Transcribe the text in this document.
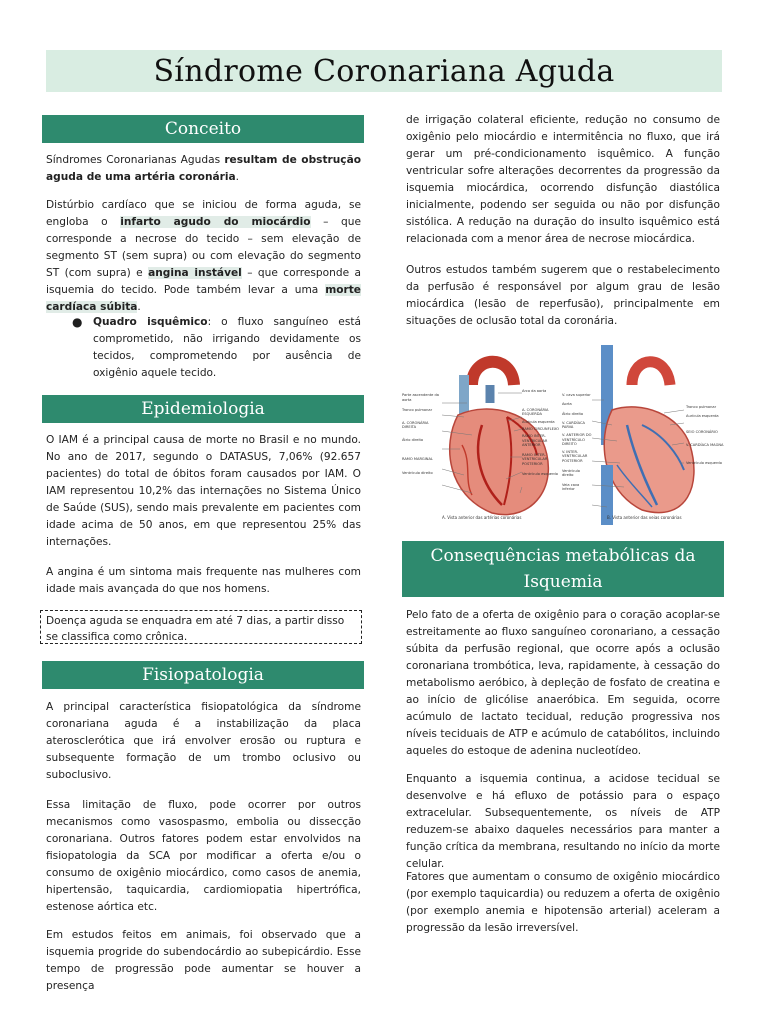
Síndrome Coronariana Aguda
Conceito

Síndromes Coronarianas Agudas resultam de obstrução aguda de uma artéria coronária.

Distúrbio cardíaco que se iniciou de forma aguda, se engloba o infarto agudo do miocárdio – que corresponde a necrose do tecido – sem elevação de segmento ST (sem supra) ou com elevação do segmento ST (com supra) e angina instável – que corresponde a isquemia do tecido. Pode também levar a uma morte cardíaca súbita.

● Quadro isquêmico: o fluxo sanguíneo está comprometido, não irrigando devidamente os tecidos, comprometendo por ausência de oxigênio aquele tecido.

Epidemiologia

O IAM é a principal causa de morte no Brasil e no mundo. No ano de 2017, segundo o DATASUS, 7,06% (92.657 pacientes) do total de óbitos foram causados por IAM. O IAM representou 10,2% das internações no Sistema Único de Saúde (SUS), sendo mais prevalente em pacientes com idade acima de 50 anos, em que representou 25% das internações.

A angina é um sintoma mais frequente nas mulheres com idade mais avançada do que nos homens.

Doença aguda se enquadra em até 7 dias, a partir disso se classifica como crônica.

Fisiopatologia

A principal característica fisiopatológica da síndrome coronariana aguda é a instabilização da placa aterosclerótica que irá envolver erosão ou ruptura e subsequente formação de um trombo oclusivo ou suboclusivo.

Essa limitação de fluxo, pode ocorrer por outros mecanismos como vasospasmo, embolia ou dissecção coronariana. Outros fatores podem estar envolvidos na fisiopatologia da SCA por modificar a oferta e/ou o consumo de oxigênio miocárdico, como casos de anemia, hipertensão, taquicardia, cardiomiopatia hipertrófica, estenose aórtica etc.

Em estudos feitos em animais, foi observado que a isquemia progride do subendocárdio ao subepicárdio. Esse tempo de progressão pode aumentar se houver a presença

de irrigação colateral eficiente, redução no consumo de oxigênio pelo miocárdio e intermitência no fluxo, que irá gerar um pré-condicionamento isquêmico. A função ventricular sofre alterações decorrentes da progressão da isquemia miocárdica, ocorrendo disfunção diastólica inicialmente, podendo ser seguida ou não por disfunção sistólica. A redução na duração do insulto isquêmico está relacionada com a menor área de necrose miocárdica.

Outros estudos também sugerem que o restabelecimento da perfusão é responsável por algum grau de lesão miocárdica (lesão de reperfusão), principalmente em situações de oclusão total da coronária.

Parte ascendente da aorta
Tronco pulmonar
A. CORONÁRIA DIREITA
Átrio direito
RAMO MARGINAL
Ventrículo direito
Arco da aorta
A. CORONÁRIA ESQUERDA
Aurícula esquerda
RAMO CIRCUNFLEXO
RAMO INTER-VENTRICULAR ANTERIOR
RAMO INTER-VENTRICULAR POSTERIOR
Ventrículo esquerdo
V. cava superior
Aorta
Átrio direito
V. CARDÍACA PARVA
V. ANTERIOR DO VENTRÍCULO DIREITO
V. INTER-VENTRICULAR POSTERIOR
Ventrículo direito
Veia cava inferior
Tronco pulmonar
Aurícula esquerda
SEIO CORONÁRIO
V. CARDÍACA MAGNA
Ventrículo esquerdo
A. Vista anterior das artérias coronárias	B. Vista anterior das veias coronárias
Consequências metabólicas da Isquemia

Pelo fato de a oferta de oxigênio para o coração acoplar-se estreitamente ao fluxo sanguíneo coronariano, a cessação súbita da perfusão regional, que ocorre após a oclusão coronariana trombótica, leva, rapidamente, à cessação do metabolismo aeróbico, à depleção de fosfato de creatina e ao início de glicólise anaeróbica. Em seguida, ocorre acúmulo de lactato tecidual, redução progressiva nos níveis teciduais de ATP e acúmulo de catabólitos, incluindo aqueles do estoque de adenina nucleotídeo.

Enquanto a isquemia continua, a acidose tecidual se desenvolve e há efluxo de potássio para o espaço extracelular. Subsequentemente, os níveis de ATP reduzem-se abaixo daqueles necessários para manter a função crítica da membrana, resultando no início da morte celular.

Fatores que aumentam o consumo de oxigênio miocárdico (por exemplo taquicardia) ou reduzem a oferta de oxigênio (por exemplo anemia e hipotensão arterial) aceleram a progressão da lesão irreversível.
